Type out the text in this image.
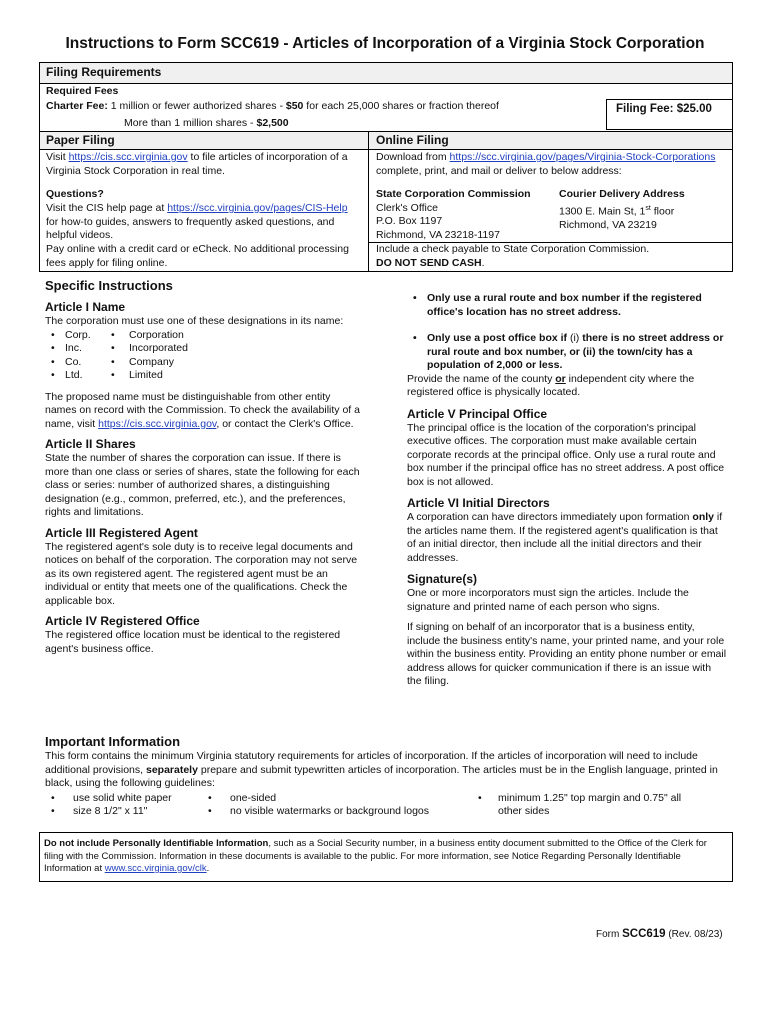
Instructions to Form SCC619 - Articles of Incorporation of a Virginia Stock Corporation
Filing Requirements
Required Fees
Charter Fee: 1 million or fewer authorized shares - $50 for each 25,000 shares or fraction thereof
More than 1 million shares - $2,500
Filing Fee: $25.00
Paper Filing	Online Filing
Visit https://cis.scc.virginia.gov to file articles of incorporation of a Virginia Stock Corporation in real time.
Questions?
Visit the CIS help page at https://scc.virginia.gov/pages/CIS-Help for how-to guides, answers to frequently asked questions, and helpful videos.
Pay online with a credit card or eCheck. No additional processing fees apply for filing online.
Download from https://scc.virginia.gov/pages/Virginia-Stock-Corporations complete, print, and mail or deliver to below address:
State Corporation Commission
Clerk's Office
P.O. Box 1197
Richmond, VA 23218-1197
Courier Delivery Address
1300 E. Main St, 1st floor
Richmond, VA 23219
Include a check payable to State Corporation Commission.
DO NOT SEND CASH.
Specific Instructions
Article I Name

The corporation must use one of these designations in its name:

• Corp.
• Inc.
• Co.
• Ltd.
• Corporation
• Incorporated
• Company
• Limited

The proposed name must be distinguishable from other entity names on record with the Commission. To check the availability of a name, visit https://cis.scc.virginia.gov, or contact the Clerk's Office.

Article II Shares

State the number of shares the corporation can issue. If there is more than one class or series of shares, state the following for each class or series: number of authorized shares, a distinguishing designation (e.g., common, preferred, etc.), and the preferences, rights and limitations.

Article III Registered Agent

The registered agent's sole duty is to receive legal documents and notices on behalf of the corporation. The corporation may not serve as its own registered agent. The registered agent must be an individual or entity that meets one of the qualifications. Check the applicable box.

Article IV Registered Office

The registered office location must be identical to the registered agent's business office.

• Only use a rural route and box number if the registered office's location has no street address.
• Only use a post office box if (i) there is no street address or rural route and box number, or (ii) the town/city has a population of 2,000 or less.

Provide the name of the county or independent city where the registered office is physically located.

Article V Principal Office

The principal office is the location of the corporation's principal executive offices. The corporation must make available certain corporate records at the principal office. Only use a rural route and box number if the principal office has no street address. A post office box is not allowed.

Article VI Initial Directors

A corporation can have directors immediately upon formation only if the articles name them. If the registered agent's qualification is that of an initial director, then include all the initial directors and their addresses.

Signature(s)

One or more incorporators must sign the articles. Include the signature and printed name of each person who signs.

If signing on behalf of an incorporator that is a business entity, include the business entity's name, your printed name, and your role within the business entity. Providing an entity phone number or email address allows for quicker communication if there is an issue with the filing.

Important Information

This form contains the minimum Virginia statutory requirements for articles of incorporation. If the articles of incorporation will need to include additional provisions, separately prepare and submit typewritten articles of incorporation. The articles must be in the English language, printed in black, using the following guidelines:

• use solid white paper
• size 8 1/2" x 11"
• one-sided
• no visible watermarks or background logos
• minimum 1.25" top margin and 0.75" all other sides
Do not include Personally Identifiable Information, such as a Social Security number, in a business entity document submitted to the Office of the Clerk for filing with the Commission. Information in these documents is available to the public. For more information, see Notice Regarding Personally Identifiable Information at www.scc.virginia.gov/clk.
Form SCC619 (Rev. 08/23)
